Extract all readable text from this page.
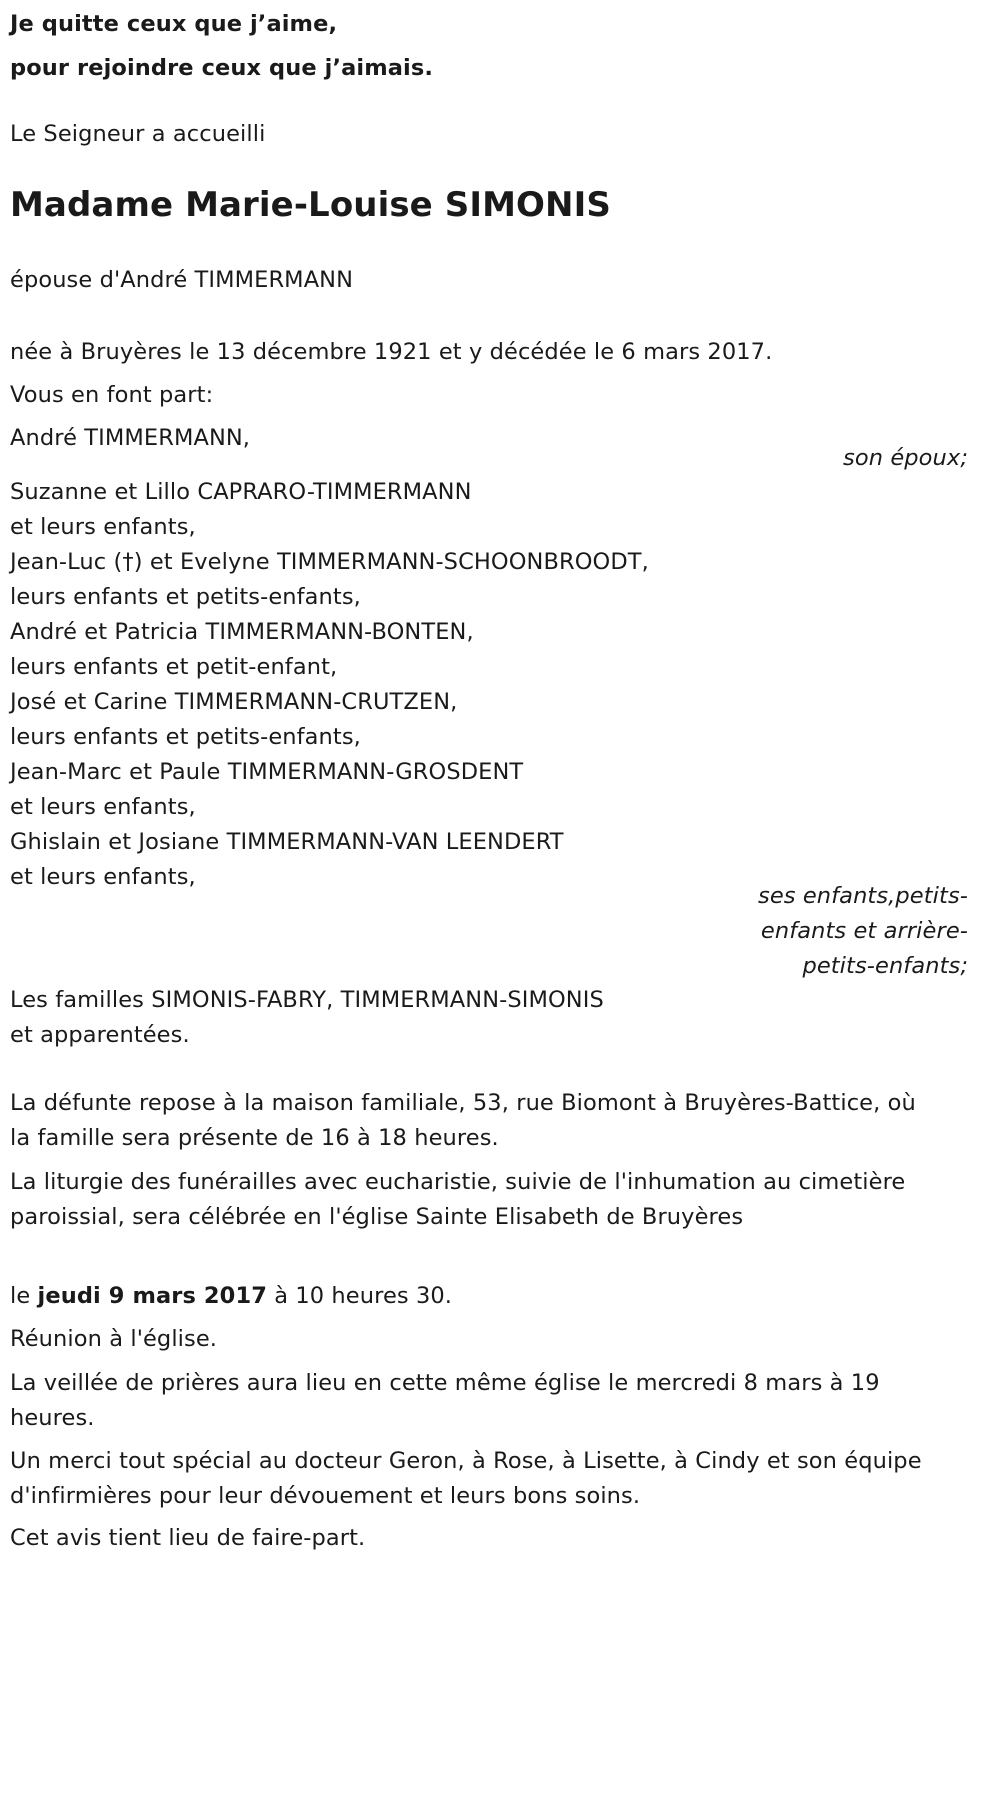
Je quitte ceux que j’aime,
pour rejoindre ceux que j’aimais.
Le Seigneur a accueilli
Madame Marie-Louise SIMONIS
épouse d'André TIMMERMANN
née à Bruyères le 13 décembre 1921 et y décédée le 6 mars 2017.
Vous en font part:
André TIMMERMANN,
son époux;
Suzanne et Lillo CAPRARO-TIMMERMANN
et leurs enfants,
Jean-Luc (†) et Evelyne TIMMERMANN-SCHOONBROODT,
leurs enfants et petits-enfants,
André et Patricia TIMMERMANN-BONTEN,
leurs enfants et petit-enfant,
José et Carine TIMMERMANN-CRUTZEN,
leurs enfants et petits-enfants,
Jean-Marc et Paule TIMMERMANN-GROSDENT
et leurs enfants,
Ghislain et Josiane TIMMERMANN-VAN LEENDERT
et leurs enfants,
ses enfants,petits-
enfants et arrière-
petits-enfants;
Les familles SIMONIS-FABRY, TIMMERMANN-SIMONIS
et apparentées.
La défunte repose à la maison familiale, 53, rue Biomont à Bruyères-Battice, où la famille sera présente de 16 à 18 heures.
La liturgie des funérailles avec eucharistie, suivie de l'inhumation au cimetière paroissial, sera célébrée en l'église Sainte Elisabeth de Bruyères
le jeudi 9 mars 2017 à 10 heures 30.
Réunion à l'église.
La veillée de prières aura lieu en cette même église le mercredi 8 mars à 19 heures.
Un merci tout spécial au docteur Geron, à Rose, à Lisette, à Cindy et son équipe d'infirmières pour leur dévouement et leurs bons soins.
Cet avis tient lieu de faire-part.
